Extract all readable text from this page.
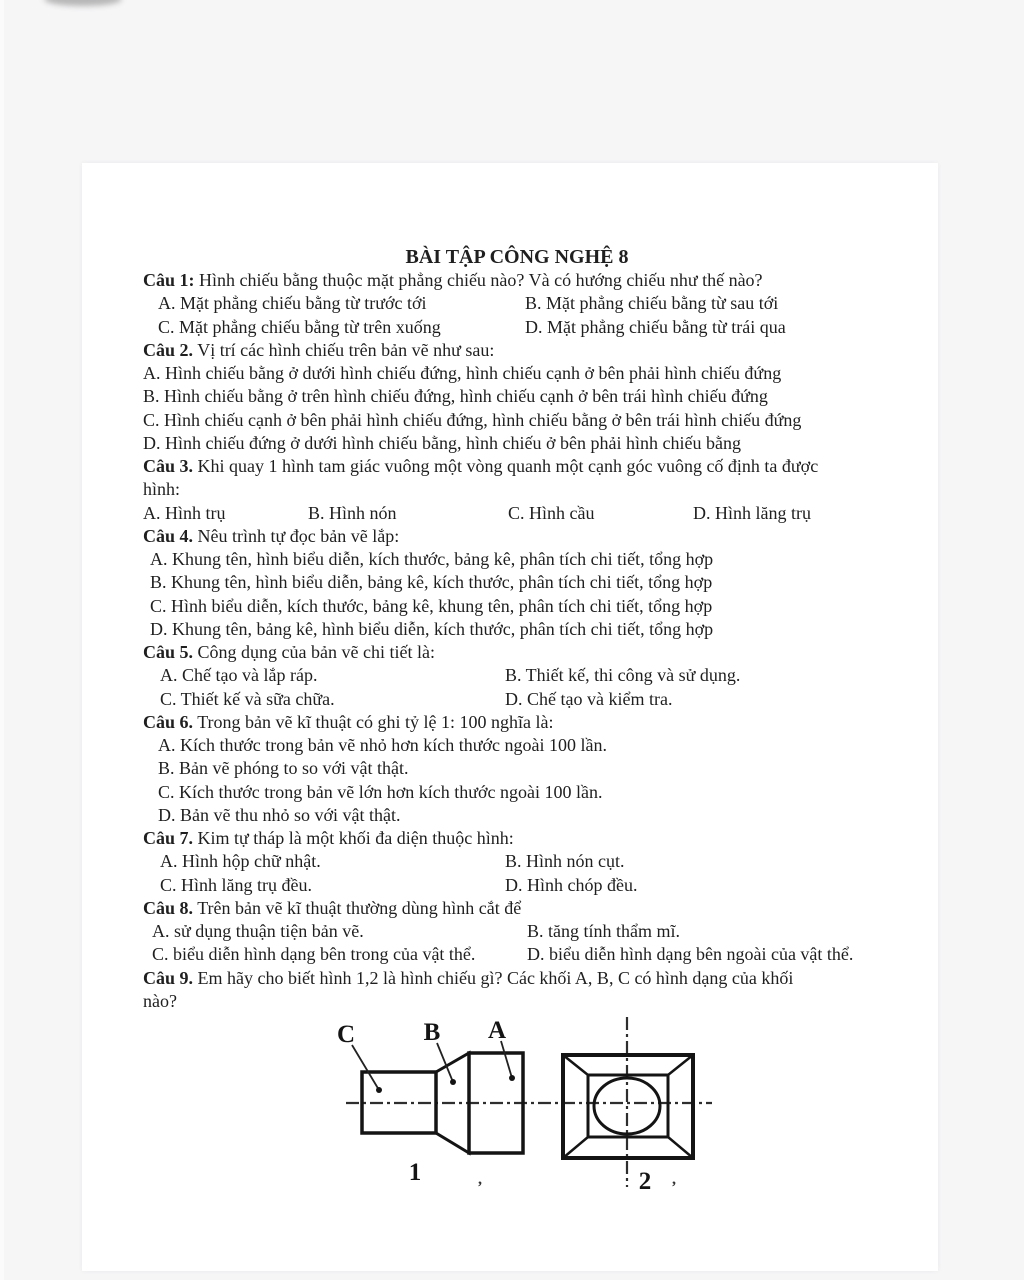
BÀI TẬP CÔNG NGHỆ 8
Câu 1: Hình chiếu bằng thuộc mặt phẳng chiếu nào? Và có hướng chiếu như thế nào?
A. Mặt phẳng chiếu bằng từ trước tới	B. Mặt phẳng chiếu bằng từ sau tới
C. Mặt phẳng chiếu bằng từ trên xuống	D. Mặt phẳng chiếu bằng từ trái qua
Câu 2. Vị trí các hình chiếu trên bản vẽ như sau:
A. Hình chiếu bằng ở dưới hình chiếu đứng, hình chiếu cạnh ở bên phải hình chiếu đứng
B. Hình chiếu bằng ở trên hình chiếu đứng, hình chiếu cạnh ở bên trái hình chiếu đứng
C. Hình chiếu cạnh ở bên phải hình chiếu đứng, hình chiếu bằng ở bên trái hình chiếu đứng
D. Hình chiếu đứng ở dưới hình chiếu bằng, hình chiếu ở bên phải hình chiếu bằng
Câu 3. Khi quay 1 hình tam giác vuông một vòng quanh một cạnh góc vuông cố định ta được
hình:
A. Hình trụ	B. Hình nón	C. Hình cầu	D. Hình lăng trụ
Câu 4. Nêu trình tự đọc bản vẽ lắp:
A. Khung tên, hình biểu diễn, kích thước, bảng kê, phân tích chi tiết, tổng hợp
B. Khung tên, hình biểu diễn, bảng kê, kích thước, phân tích chi tiết, tổng hợp
C. Hình biểu diễn, kích thước, bảng kê, khung tên, phân tích chi tiết, tổng hợp
D. Khung tên, bảng kê, hình biểu diễn, kích thước, phân tích chi tiết, tổng hợp
Câu 5. Công dụng của bản vẽ chi tiết là:
A. Chế tạo và lắp ráp.	B. Thiết kế, thi công và sử dụng.
C. Thiết kế và sữa chữa.	D. Chế tạo và kiểm tra.
Câu 6. Trong bản vẽ kĩ thuật có ghi tỷ lệ 1: 100 nghĩa là:
A. Kích thước trong bản vẽ nhỏ hơn kích thước ngoài 100 lần.
B. Bản vẽ phóng to so với vật thật.
C. Kích thước trong bản vẽ lớn hơn kích thước ngoài 100 lần.
D. Bản vẽ thu nhỏ so với vật thật.
Câu 7. Kim tự tháp là một khối đa diện thuộc hình:
A. Hình hộp chữ nhật.	B. Hình nón cụt.
C. Hình lăng trụ đều.	D. Hình chóp đều.
Câu 8. Trên bản vẽ kĩ thuật thường dùng hình cắt để
A. sử dụng thuận tiện bản vẽ.	B. tăng tính thẩm mĩ.
C. biểu diễn hình dạng bên trong của vật thể.	D. biểu diễn hình dạng bên ngoài của vật thể.
Câu 9. Em hãy cho biết hình 1,2 là hình chiếu gì? Các khối A, B, C có hình dạng của khối
nào?
C	B A
1	,	2 ,
